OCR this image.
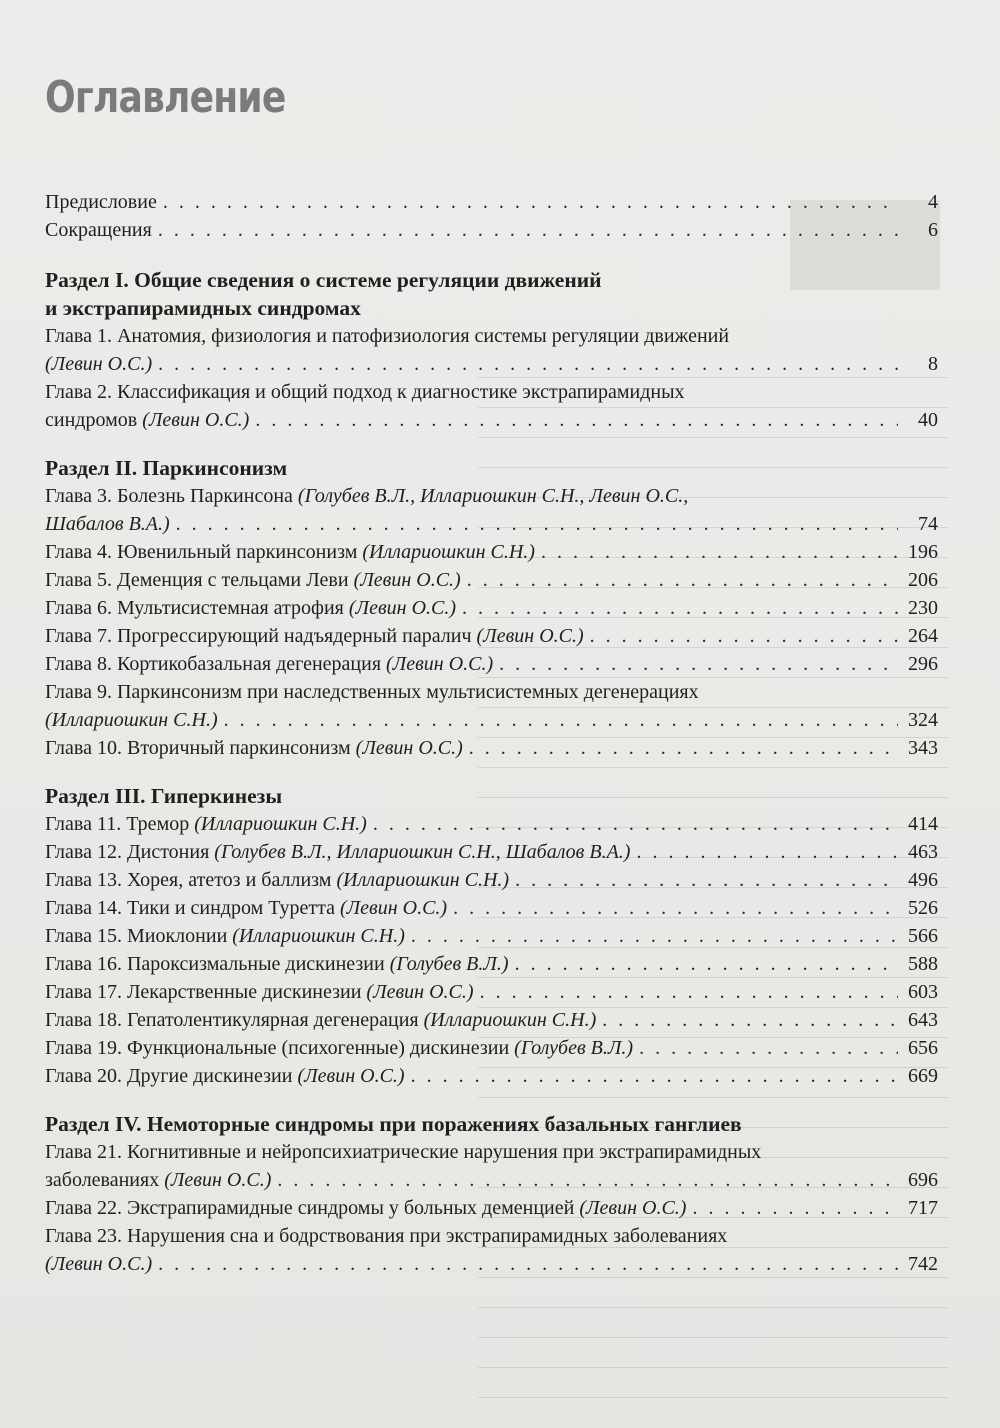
Оглавление
Предисловие . . .	4
Сокращения . . .	6
Раздел I. Общие сведения о системе регуляции движений
и экстрапирамидных синдромах
Глава 1. Анатомия, физиология и патофизиология системы регуляции движений
(Левин О.С.) . . .	8
Глава 2. Классификация и общий подход к диагностике экстрапирамидных
синдромов (Левин О.С.) . . .	40
Раздел II. Паркинсонизм
Глава 3. Болезнь Паркинсона (Голубев В.Л., Иллариошкин С.Н., Левин О.С.,
Шабалов В.А.) . . .	74
Глава 4. Ювенильный паркинсонизм (Иллариошкин С.Н.) . . .	196
Глава 5. Деменция с тельцами Леви (Левин О.С.) . . .	206
Глава 6. Мультисистемная атрофия (Левин О.С.) . . .	230
Глава 7. Прогрессирующий надъядерный паралич (Левин О.С.) . . .	264
Глава 8. Кортикобазальная дегенерация (Левин О.С.) . . .	296
Глава 9. Паркинсонизм при наследственных мультисистемных дегенерациях
(Иллариошкин С.Н.) . . .	324
Глава 10. Вторичный паркинсонизм (Левин О.С.) . . .	343
Раздел III. Гиперкинезы
Глава 11. Тремор (Иллариошкин С.Н.) . . .	414
Глава 12. Дистония (Голубев В.Л., Иллариошкин С.Н., Шабалов В.А.) . . .	463
Глава 13. Хорея, атетоз и баллизм (Иллариошкин С.Н.) . . .	496
Глава 14. Тики и синдром Туретта (Левин О.С.) . . .	526
Глава 15. Миоклонии (Иллариошкин С.Н.) . . .	566
Глава 16. Пароксизмальные дискинезии (Голубев В.Л.) . . .	588
Глава 17. Лекарственные дискинезии (Левин О.С.) . . .	603
Глава 18. Гепатолентикулярная дегенерация (Иллариошкин С.Н.) . . .	643
Глава 19. Функциональные (психогенные) дискинезии (Голубев В.Л.) . . .	656
Глава 20. Другие дискинезии (Левин О.С.) . . .	669
Раздел IV. Немоторные синдромы при поражениях базальных ганглиев
Глава 21. Когнитивные и нейропсихиатрические нарушения при экстрапирамидных
заболеваниях (Левин О.С.) . . .	696
Глава 22. Экстрапирамидные синдромы у больных деменцией (Левин О.С.) . . .	717
Глава 23. Нарушения сна и бодрствования при экстрапирамидных заболеваниях
(Левин О.С.) . . .	742
